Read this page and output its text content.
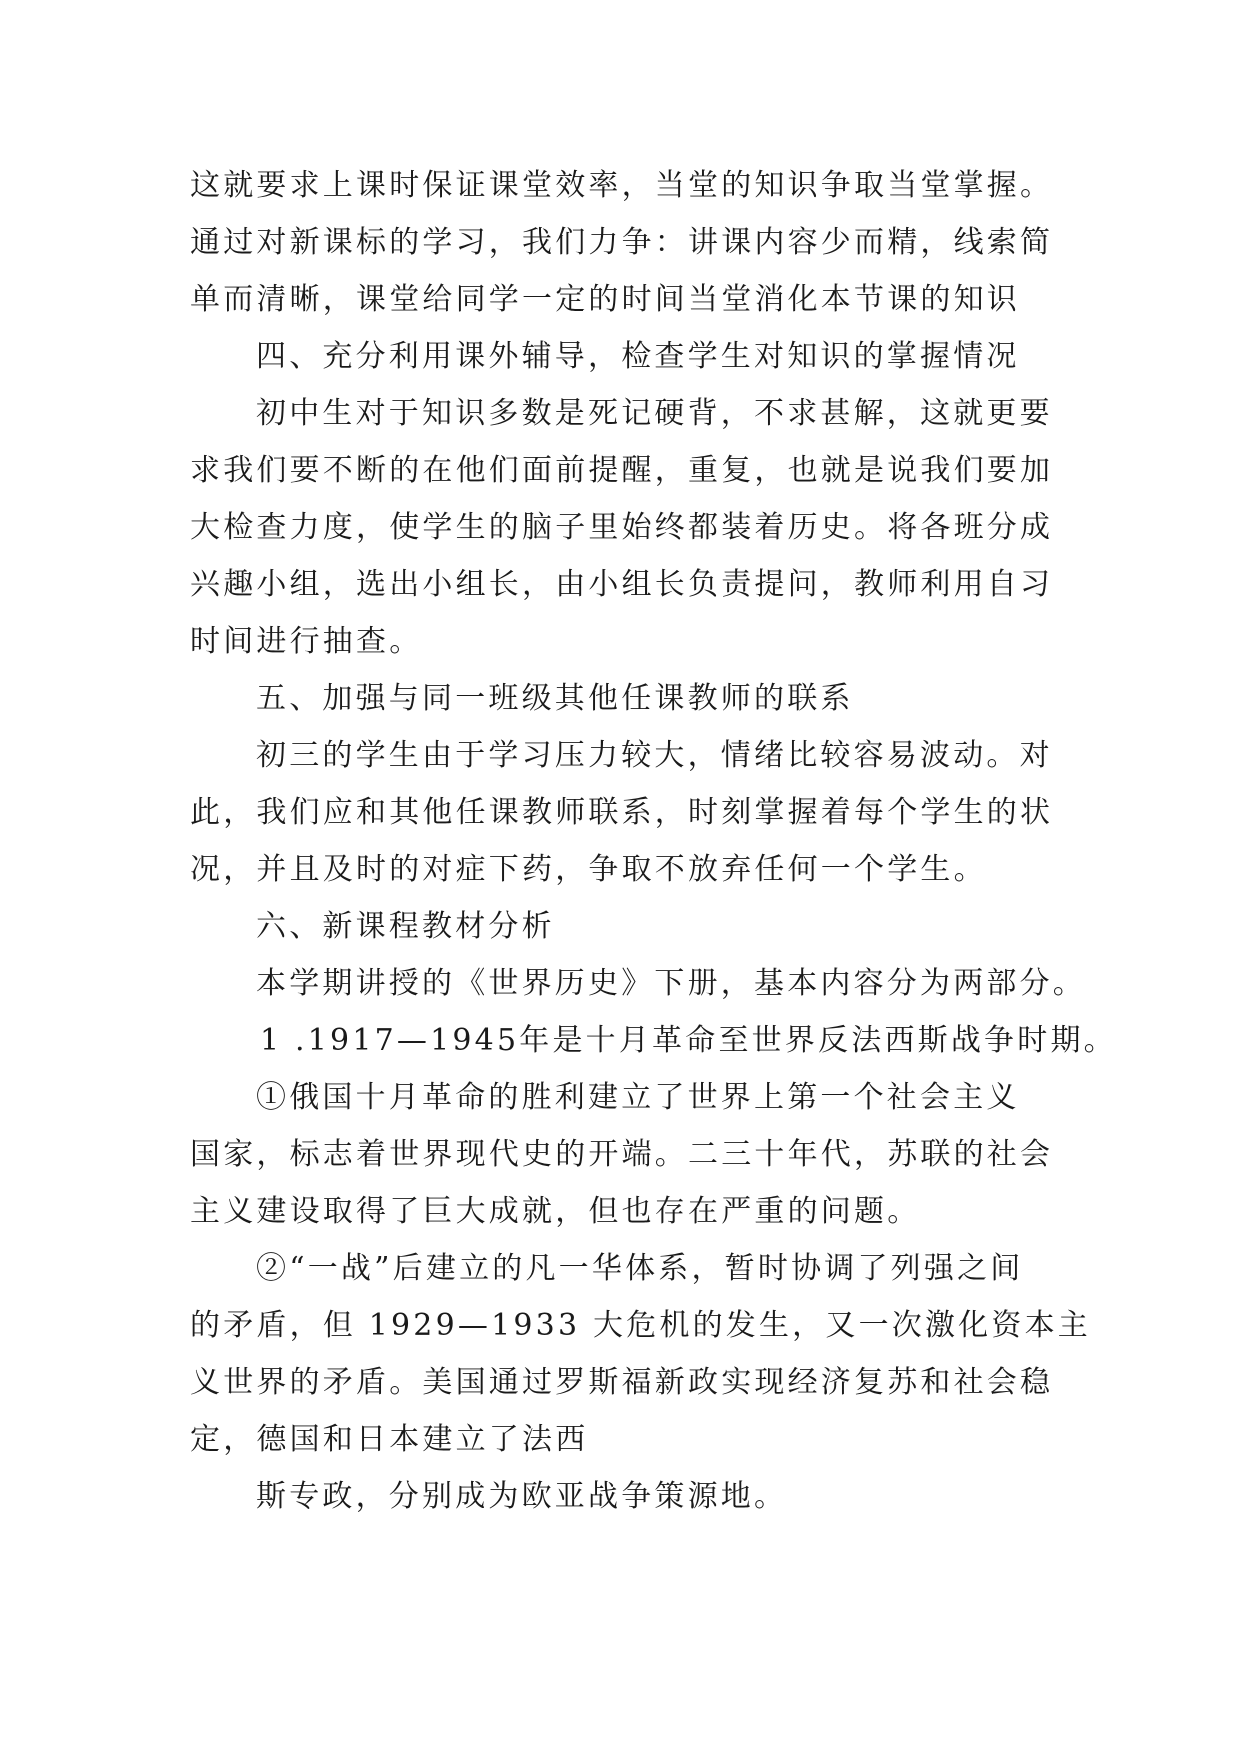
这就要求上课时保证课堂效率，当堂的知识争取当堂掌握。
通过对新课标的学习，我们力争：讲课内容少而精，线索简
单而清晰，课堂给同学一定的时间当堂消化本节课的知识
四、充分利用课外辅导，检查学生对知识的掌握情况
初中生对于知识多数是死记硬背，不求甚解，这就更要
求我们要不断的在他们面前提醒，重复，也就是说我们要加
大检查力度，使学生的脑子里始终都装着历史。将各班分成
兴趣小组，选出小组长，由小组长负责提问，教师利用自习
时间进行抽查。
五、加强与同一班级其他任课教师的联系
初三的学生由于学习压力较大，情绪比较容易波动。对
此，我们应和其他任课教师联系，时刻掌握着每个学生的状
况，并且及时的对症下药，争取不放弃任何一个学生。
六、新课程教材分析
本学期讲授的《世界历史》下册，基本内容分为两部分。
1 .1917—1945年是十月革命至世界反法西斯战争时期。
①俄国十月革命的胜利建立了世界上第一个社会主义
国家，标志着世界现代史的开端。二三十年代，苏联的社会
主义建设取得了巨大成就，但也存在严重的问题。
②“一战”后建立的凡一华体系，暂时协调了列强之间
的矛盾，但 1929—1933 大危机的发生，又一次激化资本主
义世界的矛盾。美国通过罗斯福新政实现经济复苏和社会稳
定，德国和日本建立了法西
斯专政，分别成为欧亚战争策源地。
